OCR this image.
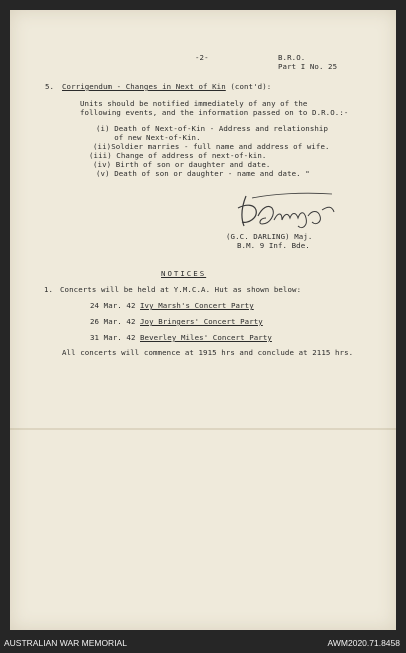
-2-	B.R.O.
Part I No. 25
5. Corrigendum - Changes in Next of Kin (cont'd):
Units should be notified immediately of any of the
following events, and the information passed on to D.R.O.:-
(i) Death of Next-of-Kin - Address and relationship
of new Next-of-Kin.
(ii)Soldier marries - full name and address of wife.
(iii) Change of address of next-of-kin.
(iv) Birth of son or daughter and date.
(v) Death of son or daughter - name and date. "
(G.C. DARLING) Maj.
B.M. 9 Inf. Bde.
NOTICES
1. Concerts will be held at Y.M.C.A. Hut as shown below:
24 Mar. 42 Ivy Marsh's Concert Party
26 Mar. 42 Joy Bringers' Concert Party
31 Mar. 42 Beverley Miles' Concert Party
All concerts will commence at 1915 hrs and conclude at 2115 hrs.
AUSTRALIAN WAR MEMORIAL	AWM2020.71.8458
